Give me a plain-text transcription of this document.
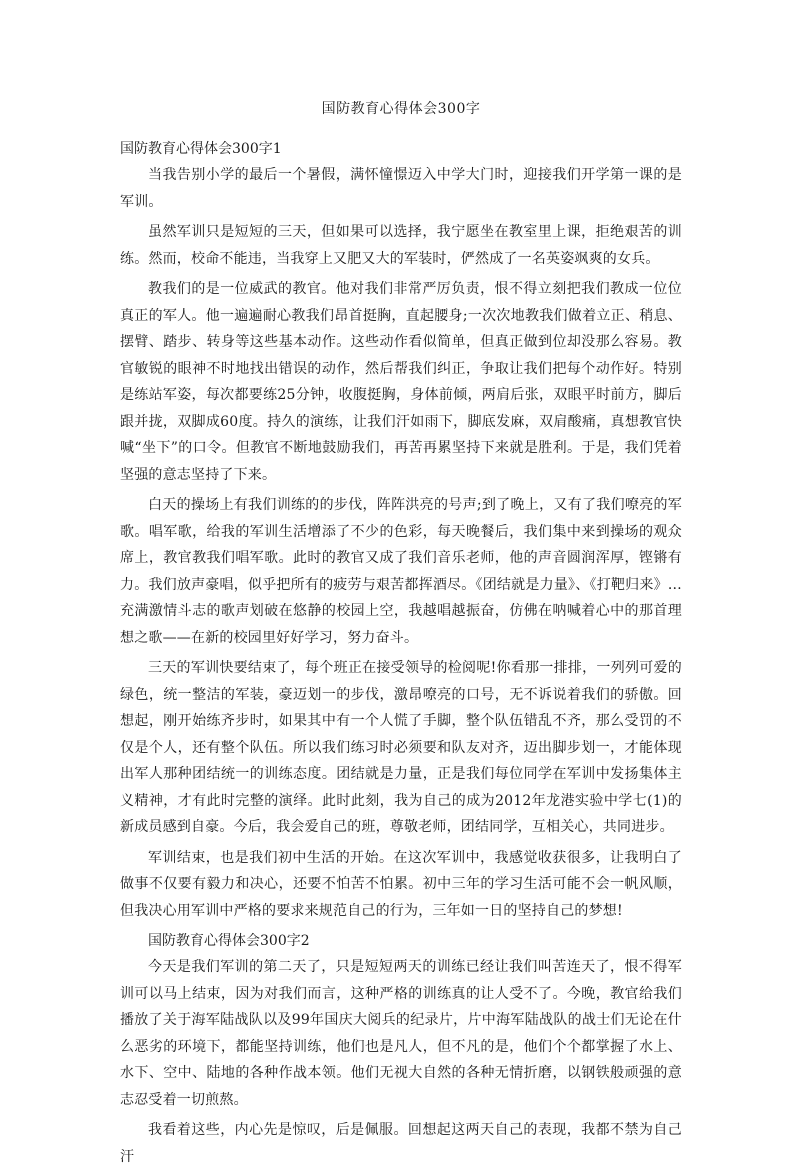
国防教育心得体会300字
国防教育心得体会300字1

当我告别小学的最后一个暑假，满怀憧憬迈入中学大门时，迎接我们开学第一课的是军训。

虽然军训只是短短的三天，但如果可以选择，我宁愿坐在教室里上课，拒绝艰苦的训练。然而，校命不能违，当我穿上又肥又大的军装时，俨然成了一名英姿飒爽的女兵。

教我们的是一位威武的教官。他对我们非常严厉负责，恨不得立刻把我们教成一位位真正的军人。他一遍遍耐心教我们昂首挺胸，直起腰身;一次次地教我们做着立正、稍息、摆臂、踏步、转身等这些基本动作。这些动作看似简单，但真正做到位却没那么容易。教官敏锐的眼神不时地找出错误的动作，然后帮我们纠正，争取让我们把每个动作好。特别是练站军姿，每次都要练25分钟，收腹挺胸，身体前倾，两肩后张，双眼平时前方，脚后跟并拢，双脚成60度。持久的演练，让我们汗如雨下，脚底发麻，双肩酸痛，真想教官快喊“坐下”的口令。但教官不断地鼓励我们，再苦再累坚持下来就是胜利。于是，我们凭着坚强的意志坚持了下来。

白天的操场上有我们训练的的步伐，阵阵洪亮的号声;到了晚上，又有了我们嘹亮的军歌。唱军歌，给我的军训生活增添了不少的色彩，每天晚餐后，我们集中来到操场的观众席上，教官教我们唱军歌。此时的教官又成了我们音乐老师，他的声音圆润浑厚，铿锵有力。我们放声豪唱，似乎把所有的疲劳与艰苦都挥酒尽。《团结就是力量》、《打靶归来》…充满激情斗志的歌声划破在悠静的校园上空，我越唱越振奋，仿佛在呐喊着心中的那首理想之歌——在新的校园里好好学习，努力奋斗。

三天的军训快要结束了，每个班正在接受领导的检阅呢!你看那一排排，一列列可爱的绿色，统一整洁的军装，豪迈划一的步伐，激昂嘹亮的口号，无不诉说着我们的骄傲。回想起，刚开始练齐步时，如果其中有一个人慌了手脚，整个队伍错乱不齐，那么受罚的不仅是个人，还有整个队伍。所以我们练习时必须要和队友对齐，迈出脚步划一，才能体现出军人那种团结统一的训练态度。团结就是力量，正是我们每位同学在军训中发扬集体主义精神，才有此时完整的演绎。此时此刻，我为自己的成为2012年龙港实验中学七(1)的新成员感到自豪。今后，我会爱自己的班，尊敬老师，团结同学，互相关心，共同进步。

军训结束，也是我们初中生活的开始。在这次军训中，我感觉收获很多，让我明白了做事不仅要有毅力和决心，还要不怕苦不怕累。初中三年的学习生活可能不会一帆风顺，但我决心用军训中严格的要求来规范自己的行为，三年如一日的坚持自己的梦想!

国防教育心得体会300字2

今天是我们军训的第二天了，只是短短两天的训练已经让我们叫苦连天了，恨不得军训可以马上结束，因为对我们而言，这种严格的训练真的让人受不了。今晚，教官给我们播放了关于海军陆战队以及99年国庆大阅兵的纪录片，片中海军陆战队的战士们无论在什么恶劣的环境下，都能坚持训练，他们也是凡人，但不凡的是，他们个个都掌握了水上、水下、空中、陆地的各种作战本领。他们无视大自然的各种无情折磨，以钢铁般顽强的意志忍受着一切煎熬。

我看着这些，内心先是惊叹，后是佩服。回想起这两天自己的表现，我都不禁为自己汗
